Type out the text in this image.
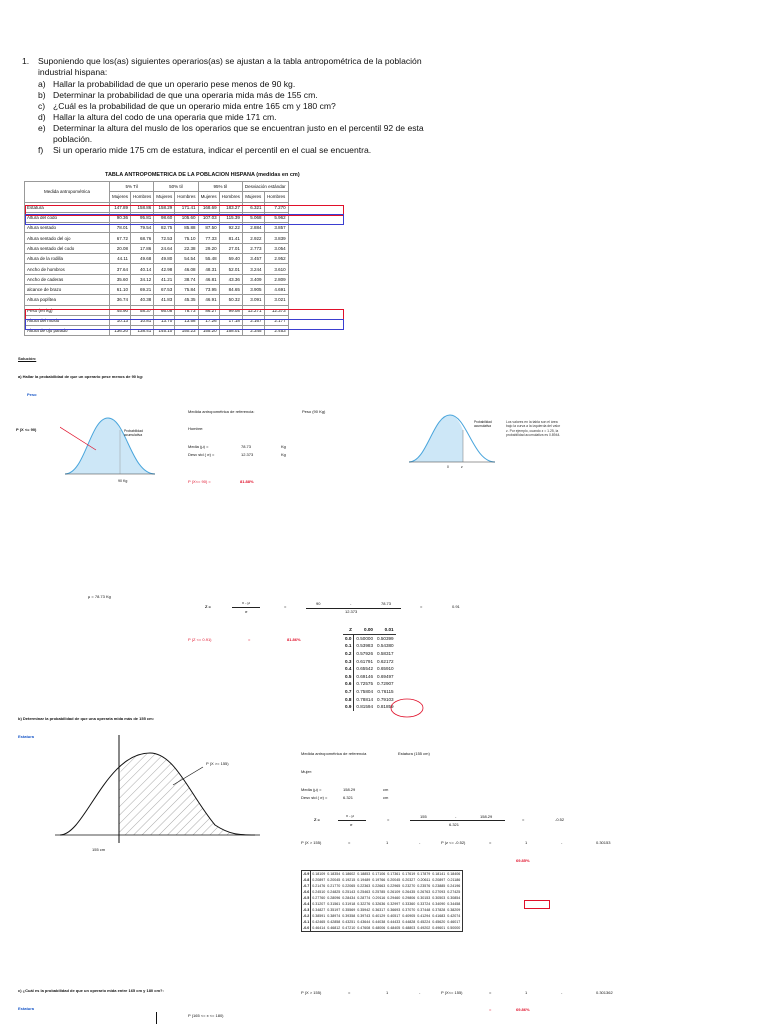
1. Suponiendo que los(as) siguientes operarios(as) se ajustan a la tabla antropométrica de la población industrial hispana:
a) Hallar la probabilidad de que un operario pese menos de 90 kg.
b) Determinar la probabilidad de que una operaria mida más de 155 cm.
c) ¿Cuál es la probabilidad de que un operario mida entre 165 cm y 180 cm?
d) Hallar la altura del codo de una operaria que mide 171 cm.
e) Determinar la altura del muslo de los operarios que se encuentran justo en el percentil 92 de esta población.
f)	Si un operario mide 175 cm de estatura, indicar el percentil en el cual se encuentra.
TABLA ANTROPOMETRICA DE LA POBLACION HISPANA (medidas en cm)
Medida antropométrica	5% Til		50% til		95% til		Desviación estándar	
	Mujeres	Hombres	Mujeres	Hombres	Mujeres	Hombres	Mujeres	Hombres
Estatura	147.89	158.86	158.29	171.41	168.69	183.27	6.321	7.270
Altura del codo	90.36	95.81	98.60	105.60	107.03	115.39	5.068	5.962
Altura sentado	78.01	79.54	82.75	85.88	87.50	92.22	2.884	3.857
Altura sentado del ojo	67.72	68.76	72.53	75.10	77.33	81.41	2.922	3.839
Altura sentado del codo	20.08	17.86	24.64	22.38	29.20	27.01	2.773	3.054
Altura de la rodilla	44.11	49.68	49.80	54.54	55.48	59.40	3.457	2.952
Ancho de hombros	37.64	40.14	42.98	46.08	48.31	52.01	3.244	3.610
Ancho de caderas	35.60	34.12	41.21	38.74	46.81	43.36	3.409	2.809
alcance de brazo	61.10	69.21	67.53	75.84	73.95	84.65	3.905	4.691
Altura poplítea	36.74	40.38	41.83	45.35	46.91	50.32	3.091	3.021
Peso (en kg)	45.90	58.37	66.08	78.73	86.27	99.08	12.271	12.373
Altura del muslo	10.13	10.81	13.70	13.58	17.26	17.18	2.167	2.177
Altura de ojo parado	136.20	138.41	145.10	150.23	155.20	158.01	2.345	2.453
Solución:
a) Hallar la probabilidad de que un operario pese menos de 90 kg:
Peso
P (X <= 90)	Probabilidad acumulativa
90 Kg
Medida antropométrica de referencia:	Peso (90 Kg)
Hombre:
Media (μ) =	78.73	Kg
Desv std ( σ) =	12.373	Kg
P (X<= 90) =	81.88%
Probabilidad acumulativa
Los valores en la tabla son el área bajo la curva a la izquierda del valor z. Por ejemplo, cuando z = 1.25, la probabilidad acumulativa es 0.8944.
0	z
μ = 78.73 Kg
Z =
x - μ
σ
=
90	-	78.73
12.373
=	0.91
P (Z <= 0.91)	=	81.86%
Z	0.00	0.01
0.0	0.50000	0.50399
0.1	0.53983	0.54380
0.2	0.57926	0.58317
0.3	0.61791	0.62172
0.4	0.65542	0.65910
0.5	0.69146	0.69497
0.6	0.72575	0.72907
0.7	0.75804	0.76115
0.8	0.78814	0.79103
0.9	0.81594	0.81859
b) Determinar la probabilidad de que una operaria mida más de 155 cm:
Estatura
P (X >= 155)
155 cm
Medida antropométrica de referencia	Estatura (155 cm)
Mujer:
Media (μ) =	158.29	cm
Desv std ( σ) =	6.321	cm
Z =
x - μ
σ
=
155	-	158.29
6.321
=	-0.52
P (X > 155)	=	1	-	P (z <= -0.52)	=	1	-	0.30153
69.85%
-0.9	0.18109	0.18354	0.18602	0.18853	0.17106	0.17361	0.17619	0.17879	0.18141	0.18406
-0.8	0.20897	0.20045	0.19215	0.19489	0.19766	0.20045	0.20327	0.20611	0.20897	0.21186
-0.7	0.21476	0.21770	0.22065	0.22363	0.22663	0.22965	0.23270	0.23576	0.23885	0.24196
-0.6	0.24510	0.24825	0.25143	0.25463	0.25785	0.26109	0.26435	0.26763	0.27093	0.27425
-0.5	0.27760	0.28096	0.28434	0.28774	0.29116	0.29460	0.29806	0.30153	0.30503	0.30854
-0.4	0.31207	0.31561	0.31918	0.32276	0.32636	0.32997	0.33360	0.33724	0.34090	0.34458
-0.3	0.34827	0.35197	0.35569	0.35942	0.36317	0.36693	0.37070	0.37448	0.37828	0.38209
-0.2	0.38591	0.38974	0.39358	0.39743	0.40129	0.40517	0.40905	0.41294	0.41683	0.42074
-0.1	0.42465	0.42858	0.43251	0.43644	0.44038	0.44433	0.44828	0.45224	0.45620	0.46017
-0.0	0.46414	0.46812	0.47210	0.47608	0.48006	0.48405	0.48803	0.49202	0.49601	0.50000
P (X > 155)	=	1	-	P (X<= 155)	=	1	-	0.301362
=	69.86%
c) ¿Cuál es la probabilidad de que un operario mida entre 165 cm y 180 cm?:
Estatura
P (165 <= x <= 180)
